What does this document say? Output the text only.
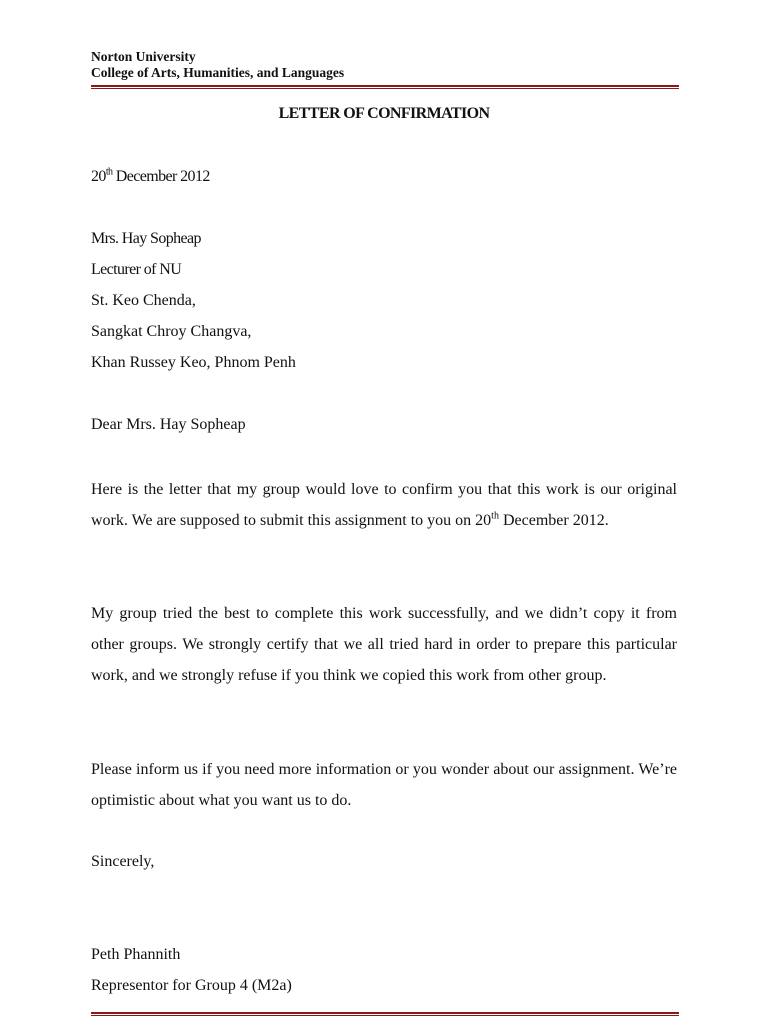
Norton University
College of Arts, Humanities, and Languages
LETTER OF CONFIRMATION
20th December 2012
Mrs. Hay Sopheap
Lecturer of NU
St. Keo Chenda,
Sangkat Chroy Changva,
Khan Russey Keo, Phnom Penh
Dear Mrs. Hay Sopheap
Here is the letter that my group would love to confirm you that this work is our original work. We are supposed to submit this assignment to you on 20th December 2012.
My group tried the best to complete this work successfully, and we didn’t copy it from other groups. We strongly certify that we all tried hard in order to prepare this particular work, and we strongly refuse if you think we copied this work from other group.
Please inform us if you need more information or you wonder about our assignment. We’re optimistic about what you want us to do.
Sincerely,
Peth Phannith
Representor for Group 4 (M2a)
